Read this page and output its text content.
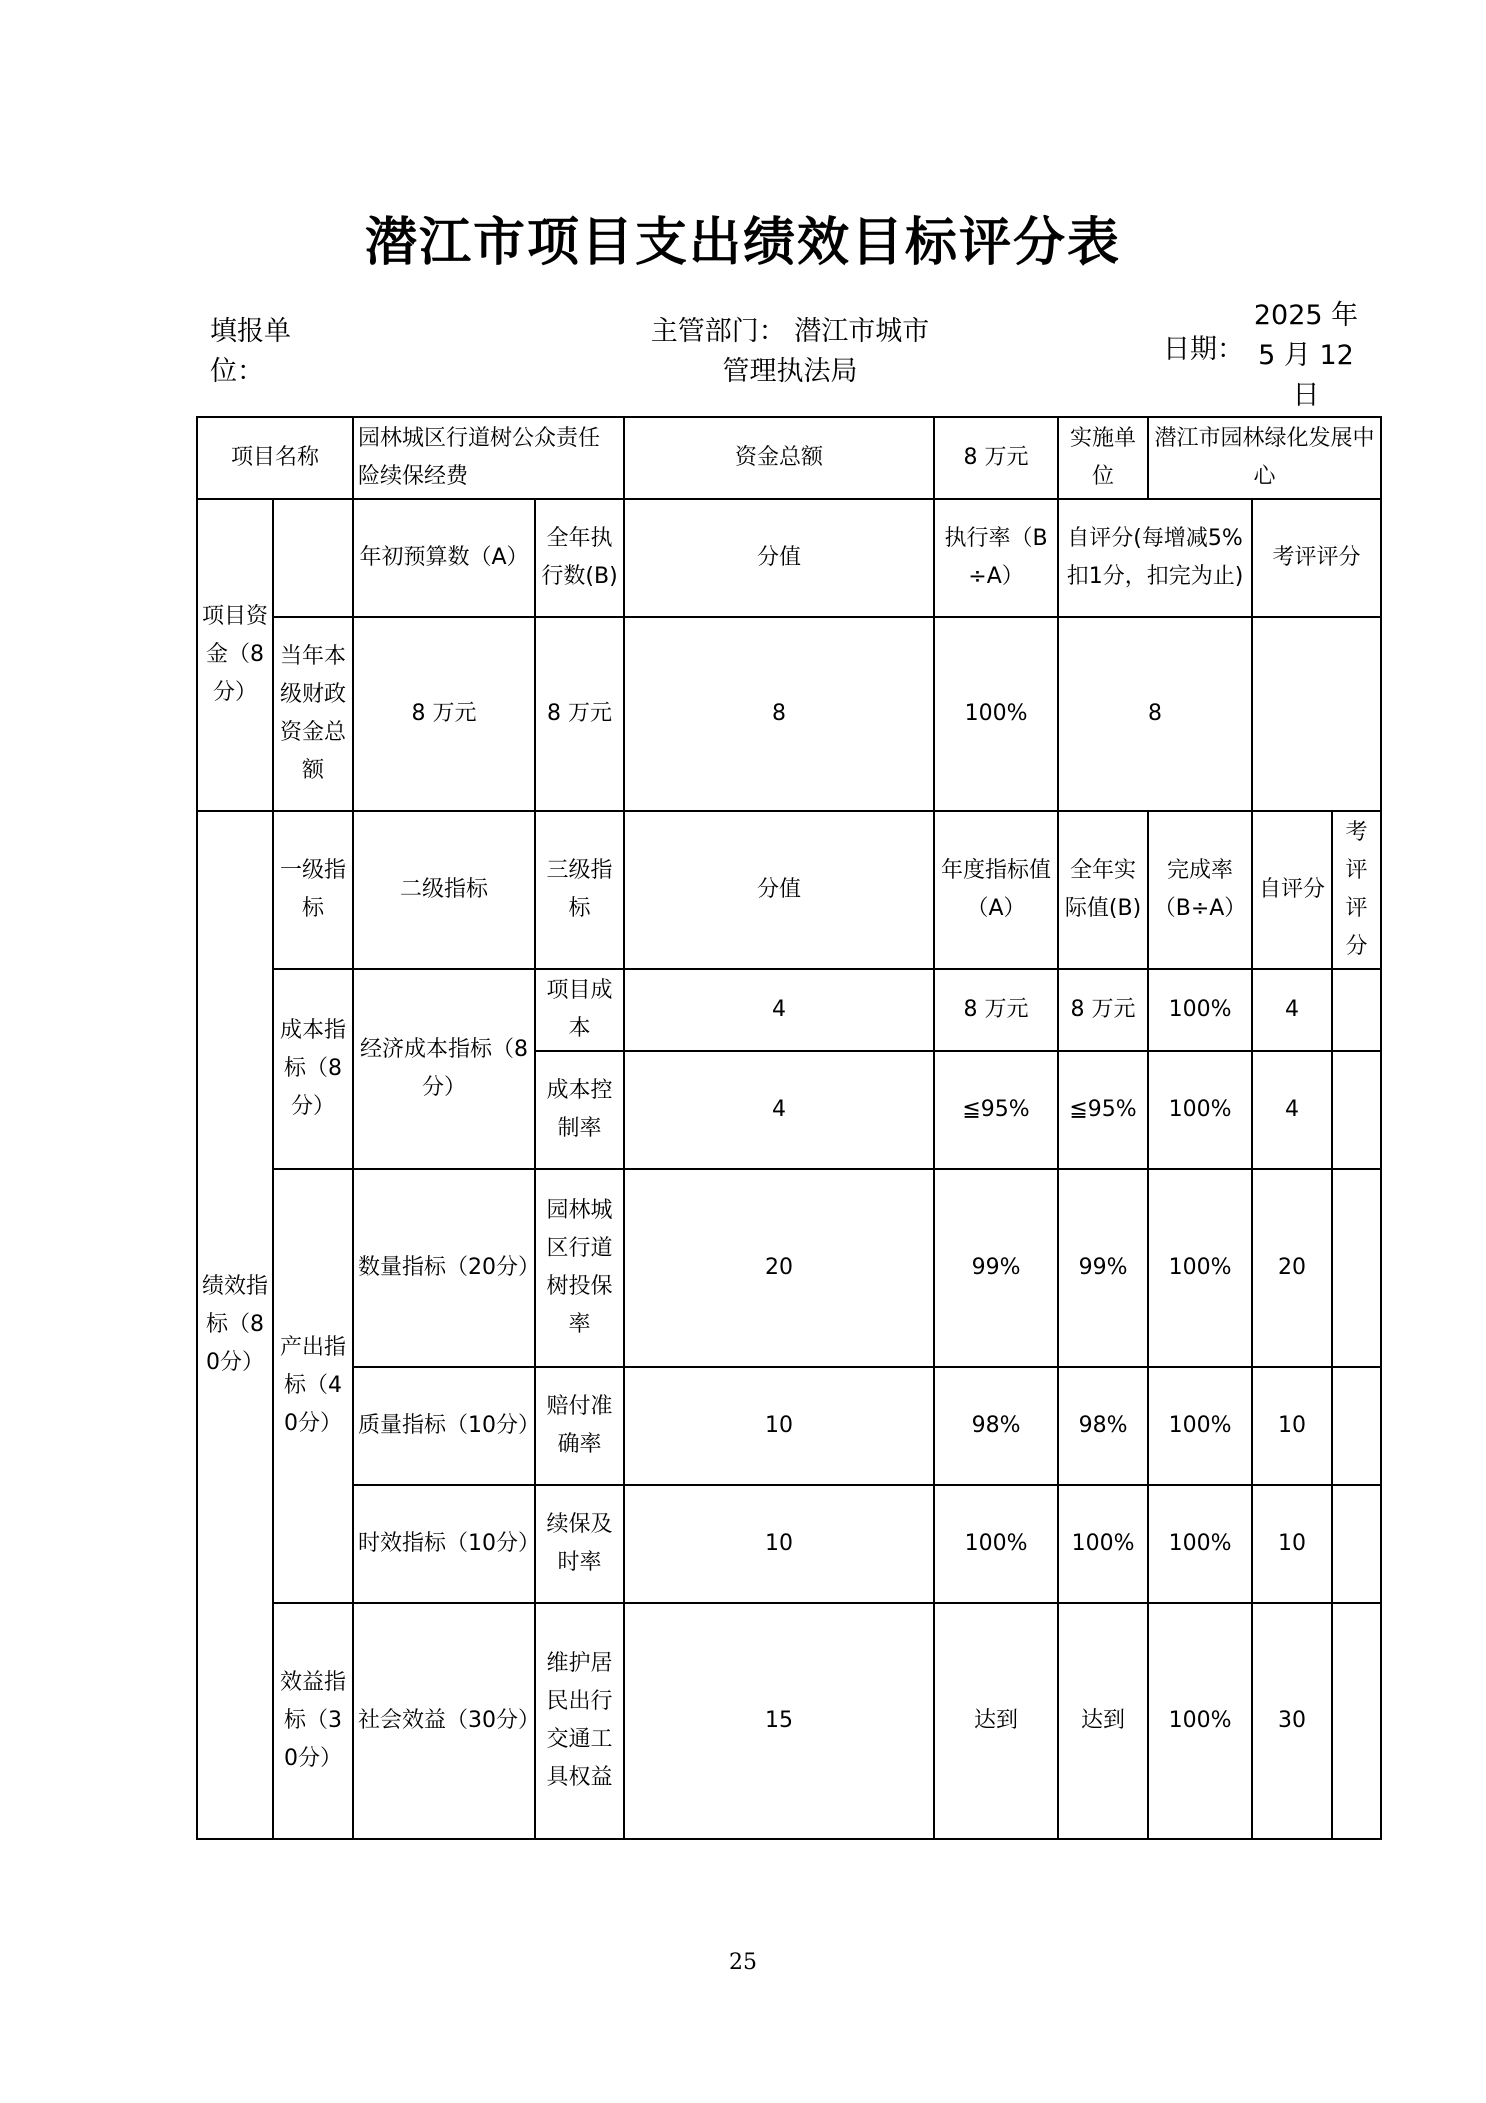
潜江市项目支出绩效目标评分表
填报单位：
主管部门： 潜江市城市管理执法局
日期：
2025 年 5 月 12 日
项目名称		园林城区行道树公众责任险续保经费		资金总额	8 万元	实施单位	潜江市园林绿化发展中心		
项目资金（8分）		年初预算数（A）	全年执行数(B)	分值	执行率（B÷A）	自评分(每增减5%扣1分，扣完为止)		考评评分	
	当年本级财政资金总额	8 万元	8 万元	8	100%	8			
绩效指标（80分）	一级指标	二级指标	三级指标	分值	年度指标值（A）	全年实际值(B)	完成率（B÷A）	自评分	考评评分
	成本指标（8分）	经济成本指标（8分）	项目成本	4	8 万元	8 万元	100%	4	
			成本控制率	4	≦95%	≦95%	100%	4	
	产出指标（40分）	数量指标（20分）	园林城区行道树投保率	20	99%	99%	100%	20	
		质量指标（10分）	赔付准确率	10	98%	98%	100%	10	
		时效指标（10分）	续保及时率	10	100%	100%	100%	10	
	效益指标（30分）	社会效益（30分）	维护居民出行交通工具权益	15	达到	达到	100%	30	
25
